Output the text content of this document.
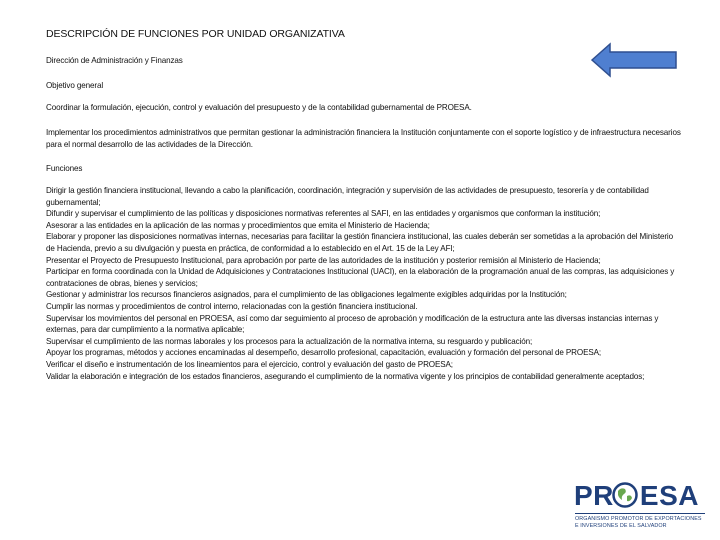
DESCRIPCIÓN DE FUNCIONES POR UNIDAD ORGANIZATIVA
Dirección de Administración y Finanzas
Objetivo general
Coordinar la formulación, ejecución, control y evaluación del presupuesto y de la contabilidad gubernamental de PROESA.
Implementar los procedimientos administrativos que permitan gestionar la administración financiera la Institución conjuntamente con el soporte logístico y de infraestructura necesarios para el normal desarrollo de las actividades de la Dirección.
Funciones
Dirigir la gestión financiera institucional, llevando a cabo la planificación, coordinación, integración y supervisión de las actividades de presupuesto, tesorería y de contabilidad gubernamental;
Difundir y supervisar el cumplimiento de las políticas y disposiciones normativas referentes al SAFI, en las entidades y organismos que conforman la institución;
Asesorar a las entidades en la aplicación de las normas y procedimientos que emita el Ministerio de Hacienda;
Elaborar y proponer las disposiciones normativas internas, necesarias para facilitar la gestión financiera institucional, las cuales deberán ser sometidas a la aprobación del Ministerio de Hacienda, previo a su divulgación y puesta en práctica, de conformidad a lo establecido en el Art. 15 de la Ley AFI;
Presentar el Proyecto de Presupuesto Institucional, para aprobación por parte de las autoridades de la institución y posterior remisión al Ministerio de Hacienda;
Participar en forma coordinada con la Unidad de Adquisiciones y Contrataciones Institucional (UACI), en la elaboración de la programación anual de las compras, las adquisiciones y contrataciones de obras, bienes y servicios;
Gestionar y administrar los recursos financieros asignados, para el cumplimiento de las obligaciones legalmente exigibles adquiridas por la Institución;
Cumplir las normas y procedimientos de control interno, relacionadas con la gestión financiera institucional.
Supervisar los movimientos del personal en PROESA, así como dar seguimiento al proceso de aprobación y modificación de la estructura ante las diversas instancias internas y externas, para dar cumplimiento a la normativa aplicable;
Supervisar el cumplimiento de las normas laborales y los procesos para la actualización de la normativa interna, su resguardo y publicación;
Apoyar los programas, métodos y acciones encaminadas al desempeño, desarrollo profesional, capacitación, evaluación y formación del personal de PROESA;
Verificar el diseño e instrumentación de los lineamientos para el ejercicio, control y evaluación del gasto de PROESA;
Validar la elaboración e integración de los estados financieros, asegurando el cumplimiento de la normativa vigente y los principios de contabilidad generalmente aceptados;
PR ESA
ORGANISMO PROMOTOR DE EXPORTACIONES
E INVERSIONES DE EL SALVADOR
